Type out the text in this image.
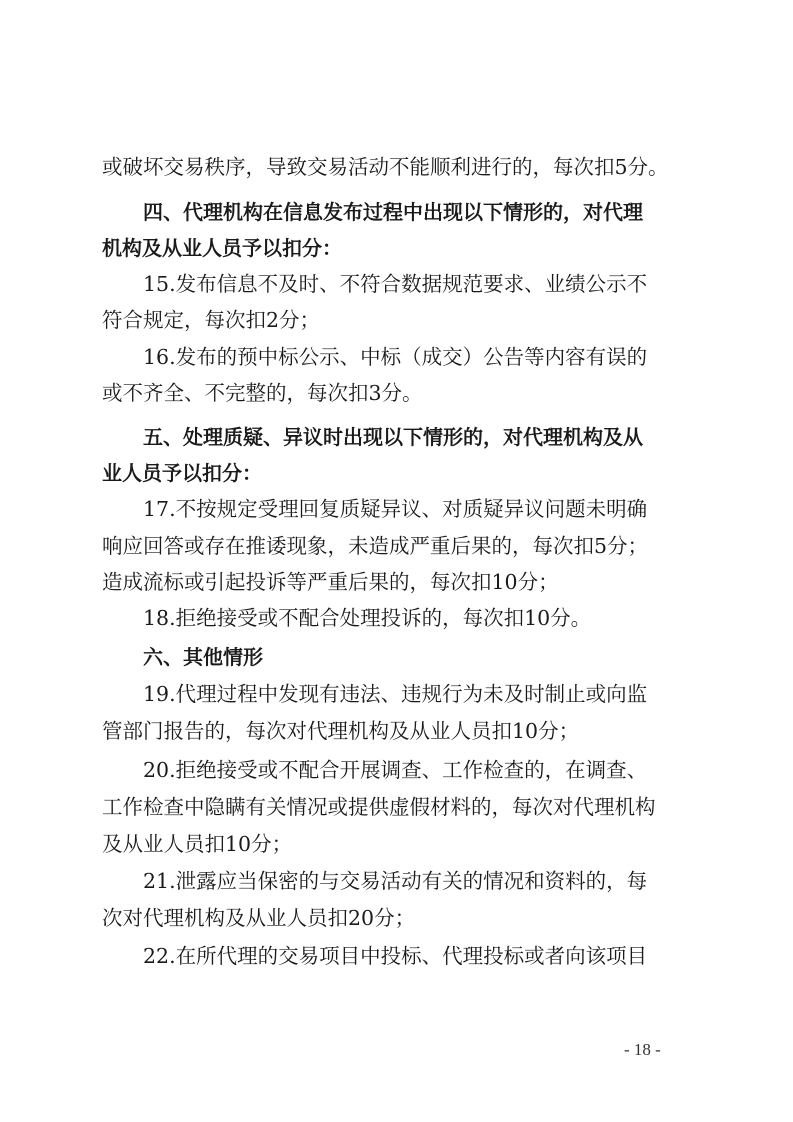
或破坏交易秩序，导致交易活动不能顺利进行的，每次扣5分。
四、代理机构在信息发布过程中出现以下情形的，对代理
机构及从业人员予以扣分：
15.发布信息不及时、不符合数据规范要求、业绩公示不
符合规定，每次扣2分；
16.发布的预中标公示、中标（成交）公告等内容有误的
或不齐全、不完整的，每次扣3分。
五、处理质疑、异议时出现以下情形的，对代理机构及从
业人员予以扣分：
17.不按规定受理回复质疑异议、对质疑异议问题未明确
响应回答或存在推诿现象，未造成严重后果的，每次扣5分；
造成流标或引起投诉等严重后果的，每次扣10分；
18.拒绝接受或不配合处理投诉的，每次扣10分。
六、其他情形
19.代理过程中发现有违法、违规行为未及时制止或向监
管部门报告的，每次对代理机构及从业人员扣10分；
20.拒绝接受或不配合开展调查、工作检查的，在调查、
工作检查中隐瞒有关情况或提供虚假材料的，每次对代理机构
及从业人员扣10分；
21.泄露应当保密的与交易活动有关的情况和资料的，每
次对代理机构及从业人员扣20分；
22.在所代理的交易项目中投标、代理投标或者向该项目
- 18 -
